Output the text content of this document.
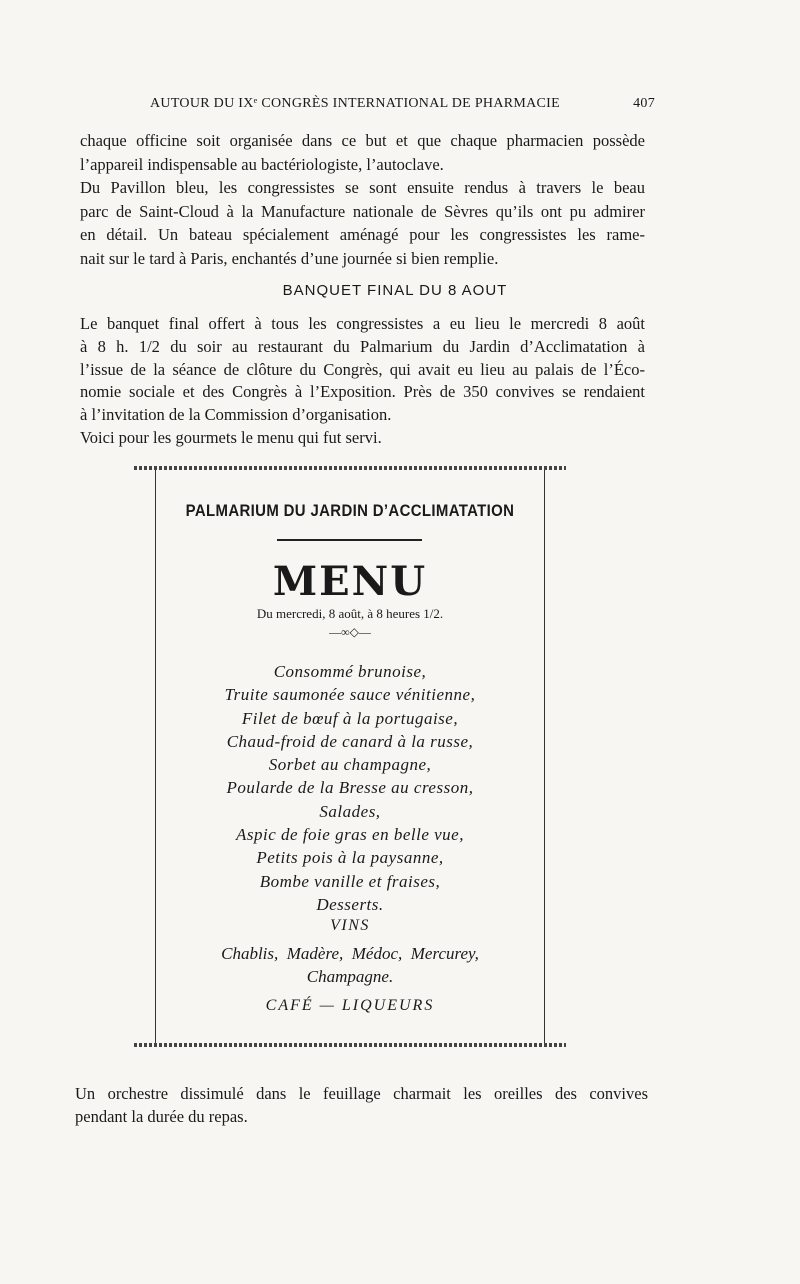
AUTOUR DU IXᵉ CONGRÈS INTERNATIONAL DE PHARMACIE	407

chaque officine soit organisée dans ce but et que chaque pharmacien possède
l’appareil indispensable au bactériologiste, l’autoclave.
Du Pavillon bleu, les congressistes se sont ensuite rendus à travers le beau
parc de Saint-Cloud à la Manufacture nationale de Sèvres qu’ils ont pu admirer
en détail. Un bateau spécialement aménagé pour les congressistes les rame-
nait sur le tard à Paris, enchantés d’une journée si bien remplie.

BANQUET FINAL DU 8 AOUT

Le banquet final offert à tous les congressistes a eu lieu le mercredi 8 août
à 8 h. 1/2 du soir au restaurant du Palmarium du Jardin d’Acclimatation à
l’issue de la séance de clôture du Congrès, qui avait eu lieu au palais de l’Éco-
nomie sociale et des Congrès à l’Exposition. Près de 350 convives se rendaient
à l’invitation de la Commission d’organisation.
Voici pour les gourmets le menu qui fut servi.

PALMARIUM DU JARDIN D’ACCLIMATATION
MENU
Du mercredi, 8 août, à 8 heures 1/2.
—∞◇—
Consommé brunoise,
Truite saumonée sauce vénitienne,
Filet de bœuf à la portugaise,
Chaud-froid de canard à la russe,
Sorbet au champagne,
Poularde de la Bresse au cresson,
Salades,
Aspic de foie gras en belle vue,
Petits pois à la paysanne,
Bombe vanille et fraises,
Desserts.
VINS
Chablis,  Madère,  Médoc,  Mercurey,
Champagne.
CAFÉ — LIQUEURS

Un orchestre dissimulé dans le feuillage charmait les oreilles des convives
pendant la durée du repas.
